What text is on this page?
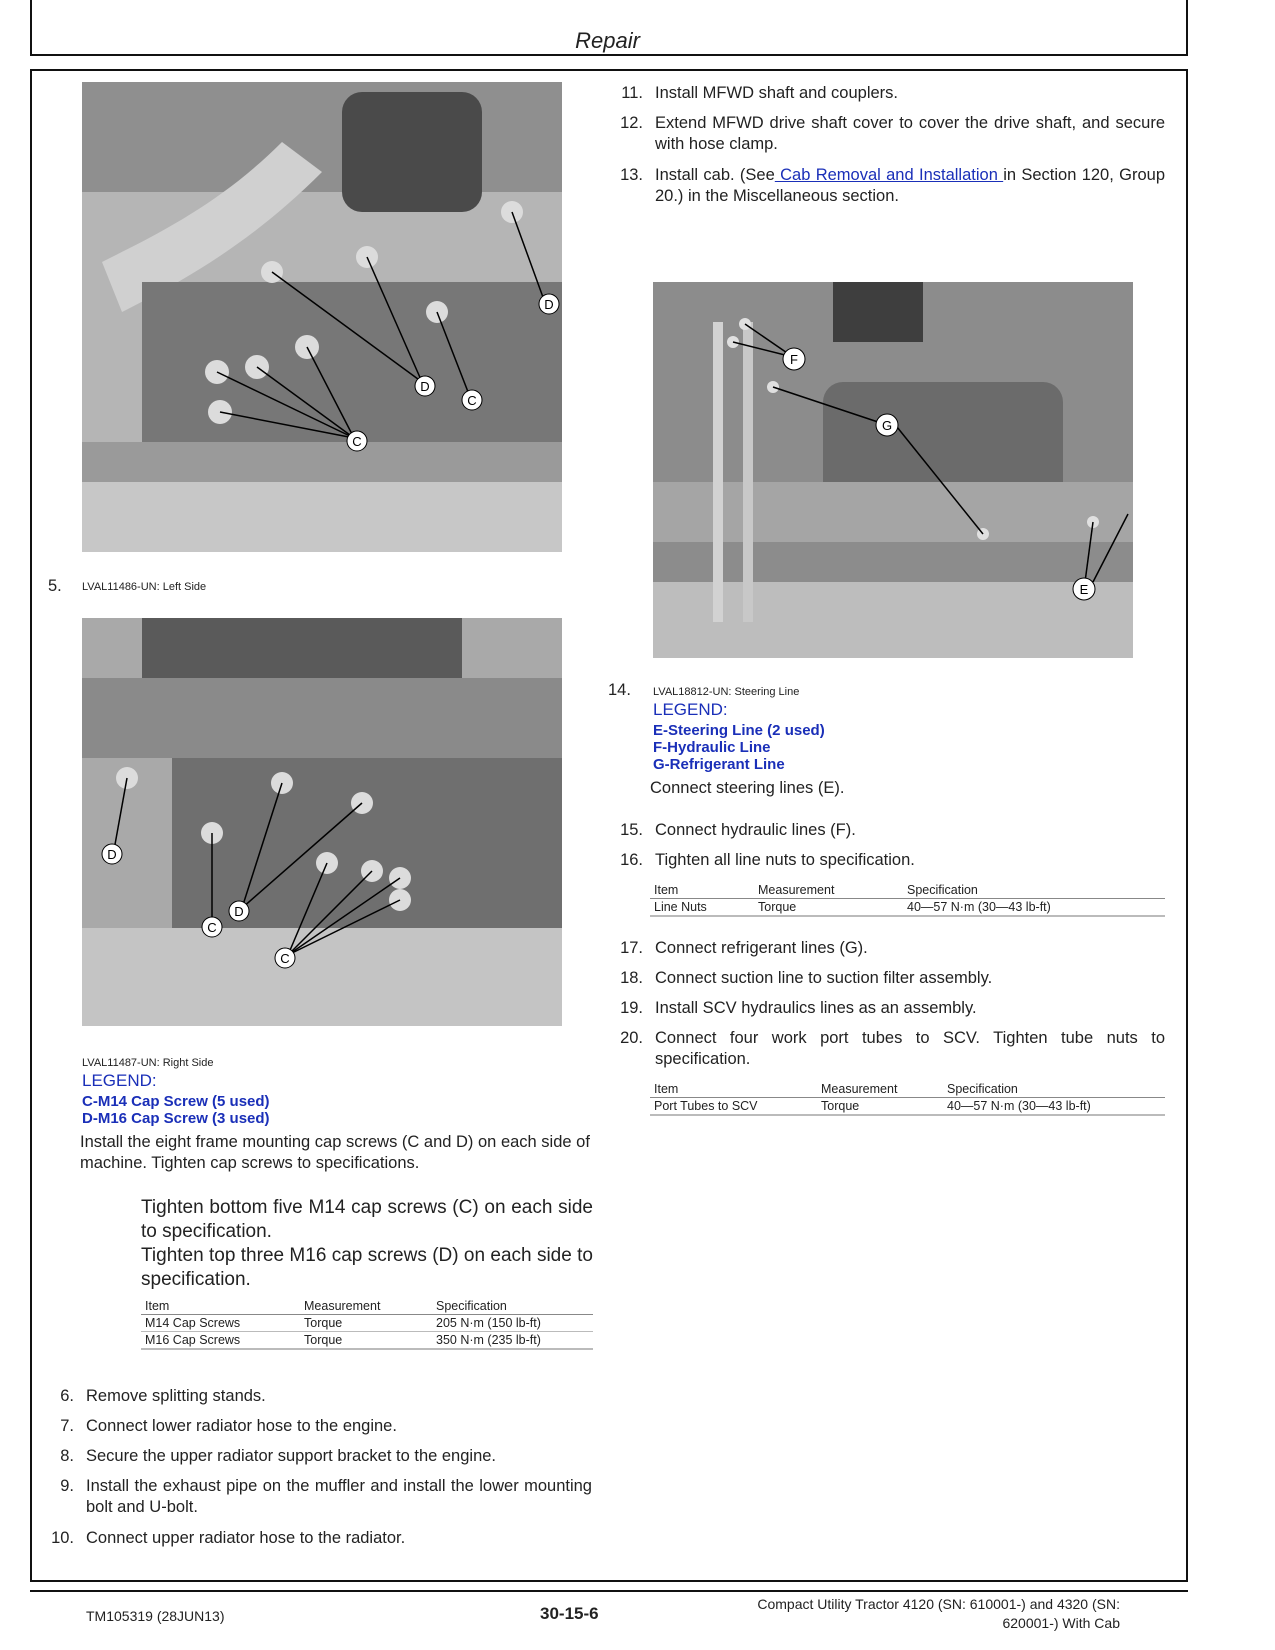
Repair
D
D
C
C
5. LVAL11486-UN: Left Side
D
D
C
C
LVAL11487-UN: Right Side
LEGEND:
C-M14 Cap Screw (5 used)
D-M16 Cap Screw (3 used)
Install the eight frame mounting cap screws (C and D) on each side of machine. Tighten cap screws to specifications.
Tighten bottom five M14 cap screws (C) on each side to specification.
Tighten top three M16 cap screws (D) on each side to specification.
Item	Measurement	Specification
M14 Cap Screws	Torque	205 N·m (150 lb-ft)
M16 Cap Screws	Torque	350 N·m (235 lb-ft)
6. Remove splitting stands.
7. Connect lower radiator hose to the engine.
8. Secure the upper radiator support bracket to the engine.
9. Install the exhaust pipe on the muffler and install the lower mounting bolt and U-bolt.
10. Connect upper radiator hose to the radiator.
11. Install MFWD shaft and couplers.
12. Extend MFWD drive shaft cover to cover the drive shaft, and secure with hose clamp.
13. Install cab. (See Cab Removal and Installation in Section 120, Group 20.) in the Miscellaneous section.
F
G
E
14. LVAL18812-UN: Steering Line
LEGEND:
E-Steering Line (2 used)
F-Hydraulic Line
G-Refrigerant Line
Connect steering lines (E).
15. Connect hydraulic lines (F).
16. Tighten all line nuts to specification.
Item	Measurement	Specification
Line Nuts	Torque	40—57 N·m (30—43 lb-ft)
17. Connect refrigerant lines (G).
18. Connect suction line to suction filter assembly.
19. Install SCV hydraulics lines as an assembly.
20. Connect four work port tubes to SCV. Tighten tube nuts to specification.
Item	Measurement	Specification
Port Tubes to SCV	Torque	40—57 N·m (30—43 lb-ft)
TM105319 (28JUN13)	30-15-6	Compact Utility Tractor 4120 (SN: 610001-) and 4320 (SN:
620001-) With Cab
